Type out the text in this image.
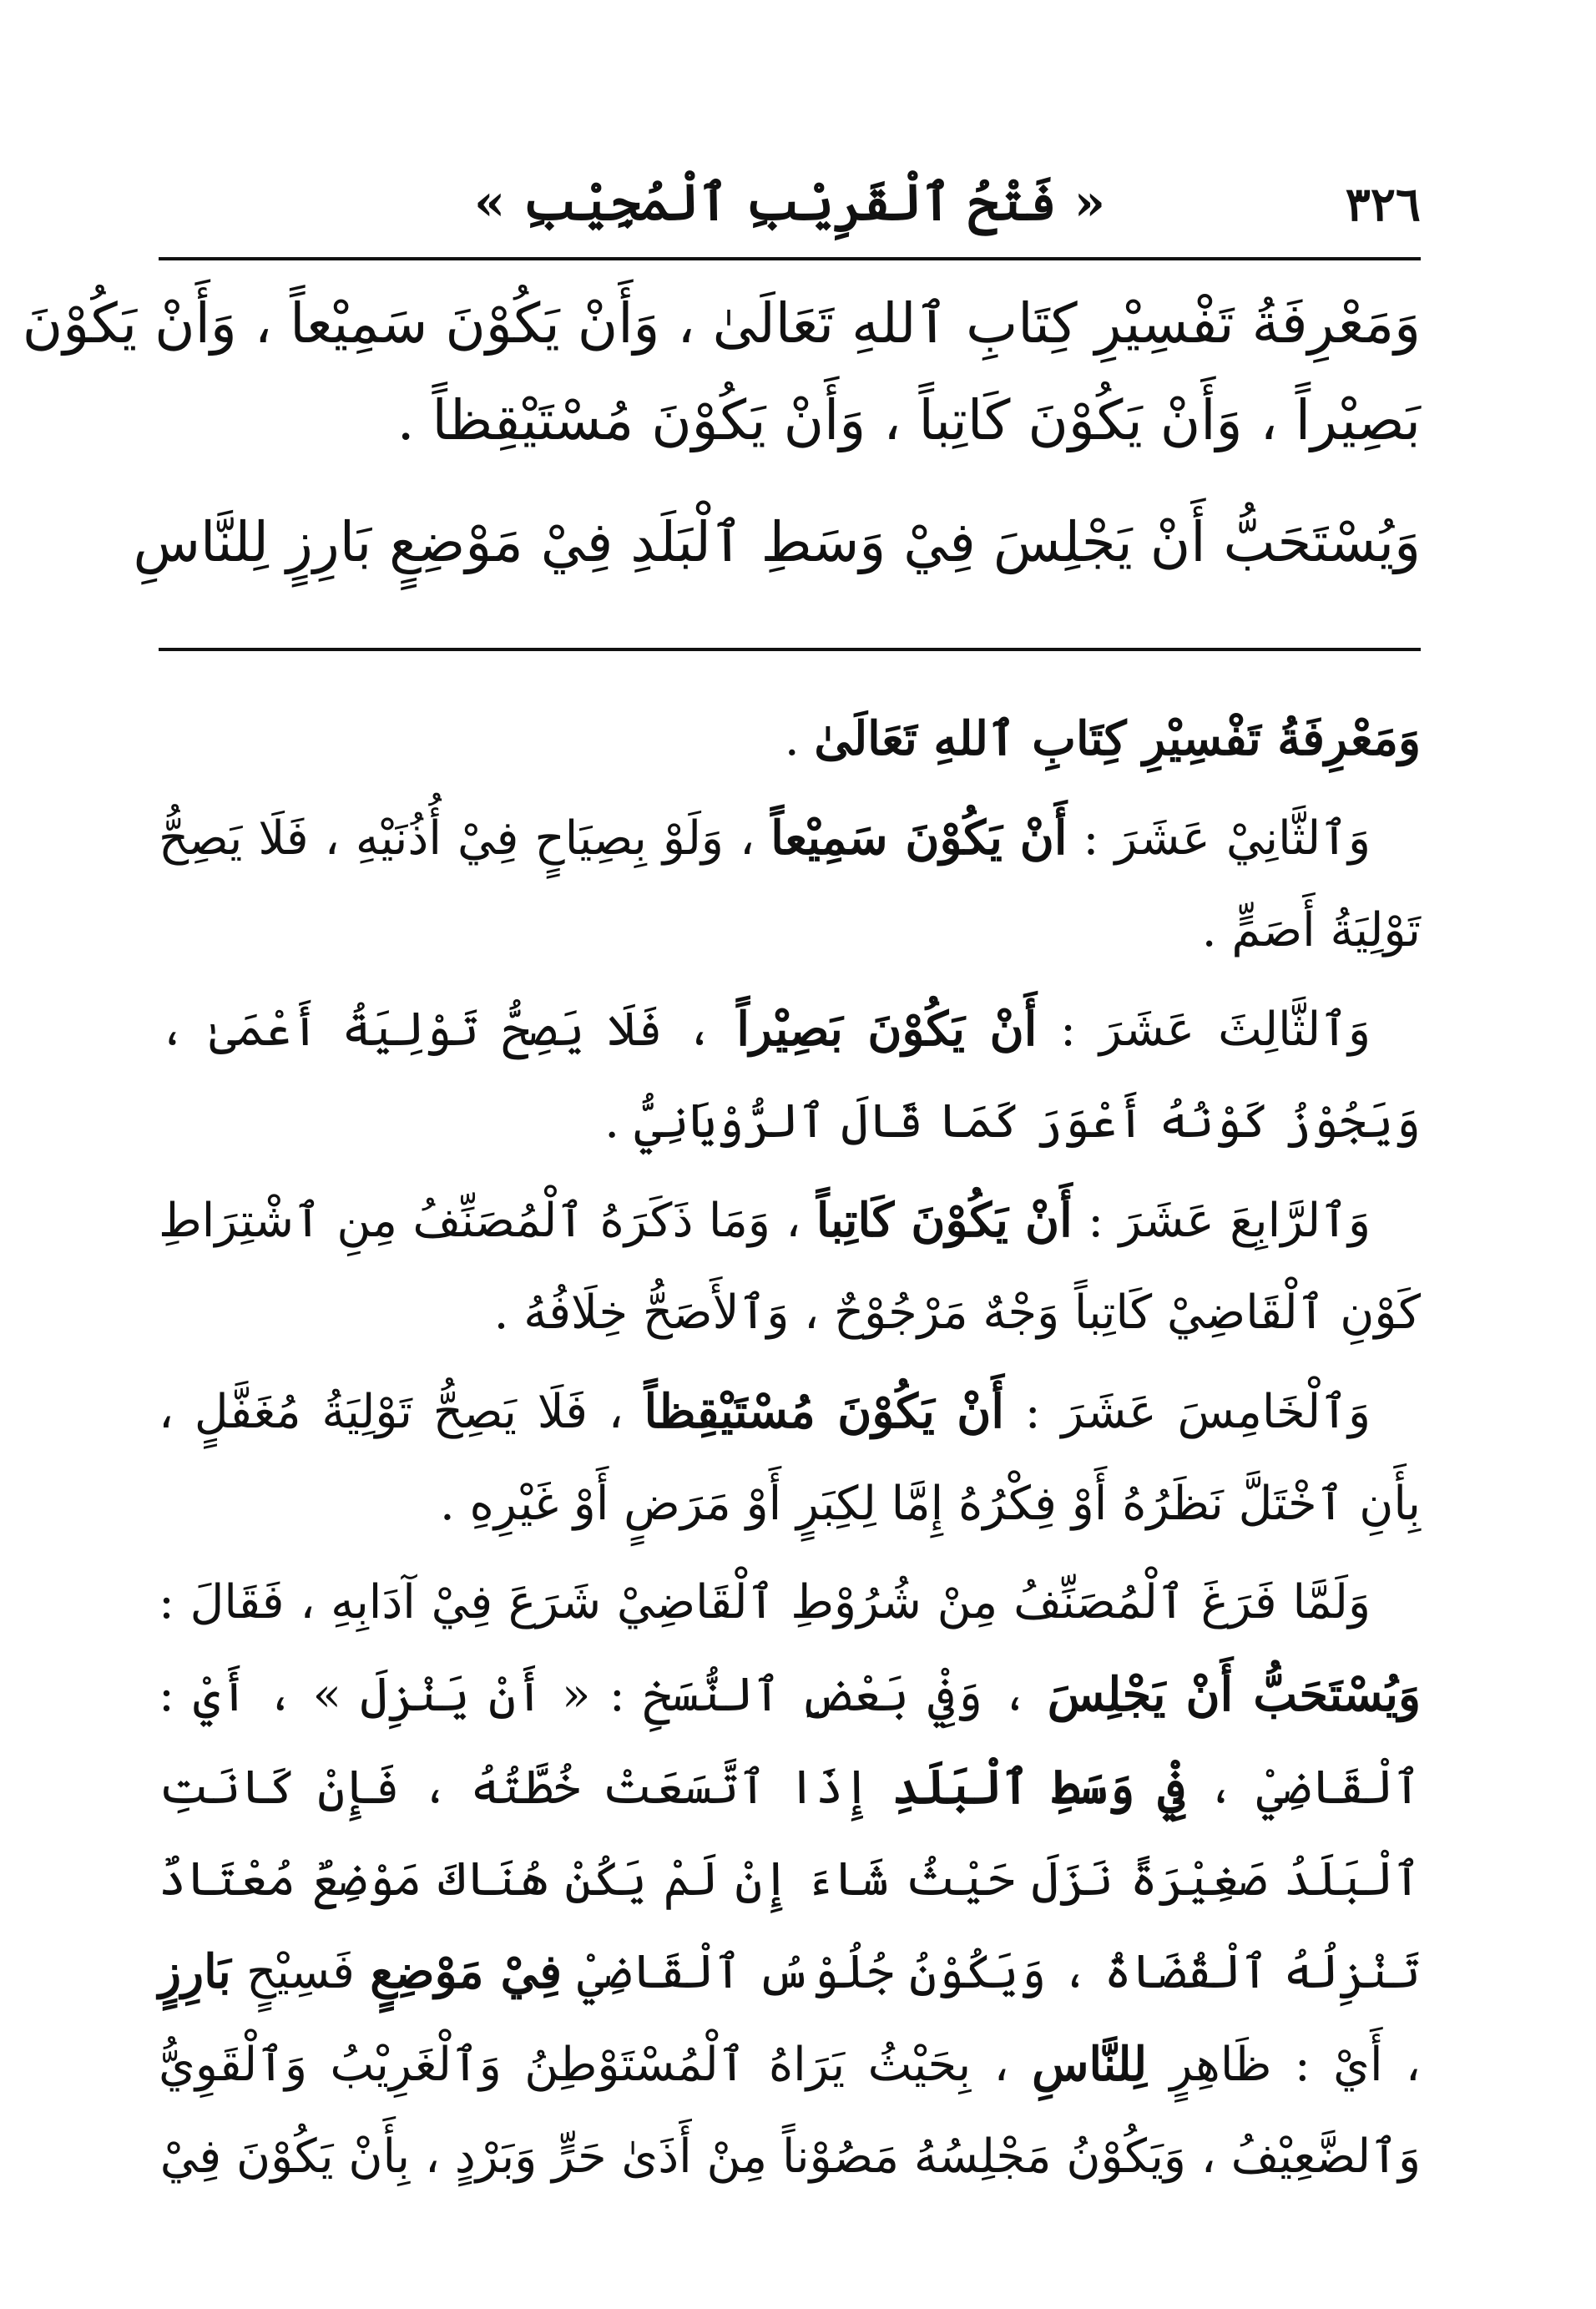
٣٢٦
« فَتْحُ ٱلْقَرِيْبِ ٱلْمُجِيْبِ »
وَمَعْرِفَةُ تَفْسِيْرِ كِتَابِ ٱللهِ تَعَالَىٰ ، وَأَنْ يَكُوْنَ سَمِيْعاً ، وَأَنْ يَكُوْنَ
بَصِيْراً ، وَأَنْ يَكُوْنَ كَاتِباً ، وَأَنْ يَكُوْنَ مُسْتَيْقِظاً .
وَيُسْتَحَبُّ أَنْ يَجْلِسَ فِيْ وَسَطِ ٱلْبَلَدِ فِيْ مَوْضِعٍ بَارِزٍ لِلنَّاسِ

وَمَعْرِفَةُ تَفْسِيْرِ كِتَابِ ٱللهِ تَعَالَىٰ .

وَٱلثَّانِيْ عَشَرَ : أَنْ يَكُوْنَ سَمِيْعاً ، وَلَوْ بِصِيَاحٍ فِيْ أُذُنَيْهِ ، فَلَا يَصِحُّ تَوْلِيَةُ أَصَمٍّ .

وَٱلثَّالِثَ عَشَرَ : أَنْ يَكُوْنَ بَصِيْراً ، فَلَا يَصِحُّ تَوْلِيَةُ أَعْمَىٰ ، وَيَجُوْزُ كَوْنُهُ أَعْوَرَ كَمَا قَالَ ٱلرُّوْيَانِيُّ .

وَٱلرَّابِعَ عَشَرَ : أَنْ يَكُوْنَ كَاتِباً ، وَمَا ذَكَرَهُ ٱلْمُصَنِّفُ مِنِ ٱشْتِرَاطِ كَوْنِ ٱلْقَاضِيْ كَاتِباً وَجْهٌ مَرْجُوْحٌ ، وَٱلأَصَحُّ خِلَافُهُ .

وَٱلْخَامِسَ عَشَرَ : أَنْ يَكُوْنَ مُسْتَيْقِظاً ، فَلَا يَصِحُّ تَوْلِيَةُ مُغَفَّلٍ ، بِأَنِ ٱخْتَلَّ نَظَرُهُ أَوْ فِكْرُهُ إِمَّا لِكِبَرٍ أَوْ مَرَضٍ أَوْ غَيْرِهِ .

وَلَمَّا فَرَغَ ٱلْمُصَنِّفُ مِنْ شُرُوْطِ ٱلْقَاضِيْ شَرَعَ فِيْ آدَابِهِ ، فَقَالَ : وَيُسْتَحَبُّ أَنْ يَجْلِسَ ، وَفِيْ بَعْضِ ٱلنُّسَخِ : « أَنْ يَنْزِلَ » ، أَيْ : ٱلْقَاضِيْ ، فِيْ وَسَطِ ٱلْبَلَدِ إِذَا ٱتَّسَعَتْ خُطَّتُهُ ، فَإِنْ كَانَتِ ٱلْبَلَدُ صَغِيْرَةً نَزَلَ حَيْثُ شَاءَ إِنْ لَمْ يَكُنْ هُنَاكَ مَوْضِعٌ مُعْتَادٌ تَنْزِلُهُ ٱلْقُضَاةُ ، وَيَكُوْنُ جُلُوْسُ ٱلْقَاضِيْ فِيْ مَوْضِعٍ فَسِيْحٍ بَارِزٍ ، أَيْ : ظَاهِرٍ لِلنَّاسِ ، بِحَيْثُ يَرَاهُ ٱلْمُسْتَوْطِنُ وَٱلْغَرِيْبُ وَٱلْقَوِيُّ وَٱلضَّعِيْفُ ، وَيَكُوْنُ مَجْلِسُهُ مَصُوْناً مِنْ أَذَىٰ حَرٍّ وَبَرْدٍ ، بِأَنْ يَكُوْنَ فِيْ
